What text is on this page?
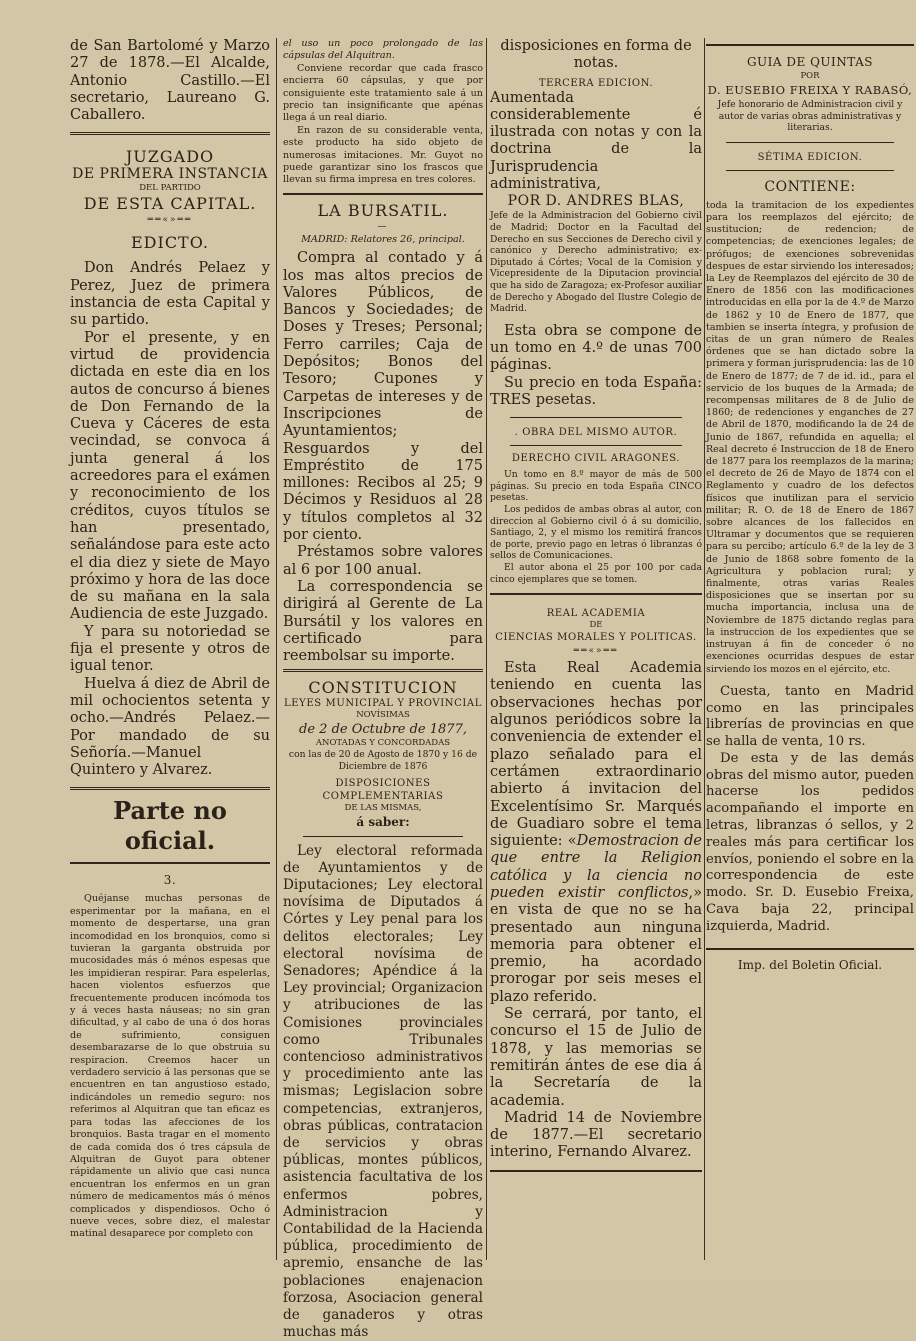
de San Bartolomé y Marzo 27 de 1878.—El Alcalde, Antonio Castillo.—El secretario, Laureano G. Caballero.

JUZGADO
DE PRIMERA INSTANCIA
DEL PARTIDO
DE ESTA CAPITAL.
══«»══
EDICTO.

Don Andrés Pelaez y Perez, Juez de primera instancia de esta Capital y su partido.

Por el presente, y en virtud de providencia dictada en este dia en los autos de concurso á bienes de Don Fernando de la Cueva y Cáceres de esta vecindad, se convoca á junta general á los acreedores para el exámen y reconocimiento de los créditos, cuyos títulos se han presentado, señalándose para este acto el dia diez y siete de Mayo próximo y hora de las doce de su mañana en la sala Audiencia de este Juzgado.

Y para su notoriedad se fija el presente y otros de igual tenor.

Huelva á diez de Abril de mil ochocientos setenta y ocho.—Andrés Pelaez.—Por mandado de su Señoría.—Manuel Quintero y Alvarez.

Parte no oficial.
3.

Quéjanse muchas personas de esperimentar por la mañana, en el momento de despertarse, una gran incomodidad en los bronquios, como si tuvieran la garganta obstruida por mucosidades más ó ménos espesas que les impidieran respirar. Para espelerlas, hacen violentos esfuerzos que frecuentemente producen incómoda tos y á veces hasta náuseas; no sin gran dificultad, y al cabo de una ó dos horas de sufrimiento, consiguen desembarazarse de lo que obstruia su respiracion. Creemos hacer un verdadero servicio á las personas que se encuentren en tan angustioso estado, indicándoles un remedio seguro: nos referimos al Alquitran que tan eficaz es para todas las afecciones de los bronquios. Basta tragar en el momento de cada comida dos ó tres cápsula de Alquitran de Guyot para obtener rápidamente un alivio que casi nunca encuentran los enfermos en un gran número de medicamentos más ó ménos complicados y dispendiosos. Ocho ó nueve veces, sobre diez, el malestar matinal desaparece por completo con

el uso un poco prolongado de las cápsulas del Alquitran.

Conviene recordar que cada frasco encierra 60 cápsulas, y que por consiguiente este tratamiento sale á un precio tan insignificante que apénas llega á un real diario.

En razon de su considerable venta, este producto ha sido objeto de numerosas imitaciones. Mr. Guyot no puede garantizar sino los frascos que llevan su firma impresa en tres colores.

LA BURSATIL.
—
MADRID: Relatores 26, principal.

Compra al contado y á los mas altos precios de Valores Públicos, de Bancos y Sociedades; de Doses y Treses; Personal; Ferro carriles; Caja de Depósitos; Bonos del Tesoro; Cupones y Carpetas de intereses y de Inscripciones de Ayuntamientos; Resguardos y del Empréstito de 175 millones: Recibos al 25; 9 Décimos y Residuos al 28 y títulos completos al 32 por ciento.

Préstamos sobre valores al 6 por 100 anual.

La correspondencia se dirigirá al Gerente de La Bursátil y los valores en certificado para reembolsar su importe.

CONSTITUCION
LEYES MUNICIPAL Y PROVINCIAL
NOVÍSIMAS
de 2 de Octubre de 1877,
ANOTADAS Y CONCORDADAS
con las de 20 de Agosto de 1870 y 16 de Diciembre de 1876
DISPOSICIONES COMPLEMENTARIAS
DE LAS MISMAS,
á saber:

Ley electoral reformada de Ayuntamientos y de Diputaciones; Ley electoral novísima de Diputados á Córtes y Ley penal para los delitos electorales; Ley electoral novísima de Senadores; Apéndice á la Ley provincial; Organizacion y atribuciones de las Comisiones provinciales como Tribunales contencioso administrativos y procedimiento ante las mismas; Legislacion sobre competencias, extranjeros, obras públicas, contratacion de servicios y obras públicas, montes públicos, asistencia facultativa de los enfermos pobres, Administracion y Contabilidad de la Hacienda pública, procedimiento de apremio, ensanche de las poblaciones enajenacion forzosa, Asociacion general de ganaderos y otras muchas más

disposiciones en forma de notas.

TERCERA EDICION.

Aumentada considerablemente é ilustrada con notas y con la doctrina de la Jurisprudencia administrativa,

POR D. ANDRES BLAS,

Jefe de la Administracion del Gobierno civil de Madrid; Doctor en la Facultad del Derecho en sus Secciones de Derecho civil y canónico y Derecho administrativo; ex-Diputado á Córtes; Vocal de la Comision y Vicepresidente de la Diputacion provincial que ha sido de Zaragoza; ex-Profesor auxiliar de Derecho y Abogado del Ilustre Colegio de Madrid.

Esta obra se compone de un tomo en 4.º de unas 700 páginas.

Su precio en toda España: TRES pesetas.

. OBRA DEL MISMO AUTOR.
DERECHO CIVIL ARAGONES.

Un tomo en 8.º mayor de más de 500 páginas. Su precio en toda España CINCO pesetas.

Los pedidos de ambas obras al autor, con direccion al Gobierno civil ó á su domicilio, Santiago, 2, y el mismo los remitirá francos de porte, previo pago en letras ó libranzas ó sellos de Comunicaciones.

El autor abona el 25 por 100 por cada cinco ejemplares que se tomen.

REAL ACADEMIA
DE
CIENCIAS MORALES Y POLITICAS.
══«»══

Esta Real Academia teniendo en cuenta las observaciones hechas por algunos periódicos sobre la conveniencia de extender el plazo señalado para el certámen extraordinario abierto á invitacion del Excelentísimo Sr. Marqués de Guadiaro sobre el tema siguiente: «Demostracion de que entre la Religion católica y la ciencia no pueden existir conflictos,» en vista de que no se ha presentado aun ninguna memoria para obtener el premio, ha acordado prorogar por seis meses el plazo referido.

Se cerrará, por tanto, el concurso el 15 de Julio de 1878, y las memorias se remitirán ántes de ese dia á la Secretaría de la academia.

Madrid 14 de Noviembre de 1877.—El secretario interino, Fernando Alvarez.

GUIA DE QUINTAS
POR
D. EUSEBIO FREIXA Y RABASÓ,

Jefe honorario de Administracion civil y autor de varias obras administrativas y literarias.

SÉTIMA EDICION.
CONTIENE:

toda la tramitacion de los expedientes para los reemplazos del ejército; de sustitucion; de redencion; de competencias; de exenciones legales; de prófugos; de exenciones sobrevenidas despues de estar sirviendo los interesados; la Ley de Reemplazos del ejército de 30 de Enero de 1856 con las modificaciones introducidas en ella por la de 4.º de Marzo de 1862 y 10 de Enero de 1877, que tambien se inserta íntegra, y profusion de citas de un gran número de Reales órdenes que se han dictado sobre la primera y forman jurisprudencia: las de 10 de Enero de 1877; de 7 de id. id., para el servicio de los buques de la Armada; de recompensas militares de 8 de Julio de 1860; de redenciones y enganches de 27 de Abril de 1870, modificando la de 24 de Junio de 1867, refundida en aquella; el Real decreto é Instruccion de 18 de Enero de 1877 para los reemplazos de la marina; el decreto de 26 de Mayo de 1874 con el Reglamento y cuadro de los defectos físicos que inutilizan para el servicio militar; R. O. de 18 de Enero de 1867 sobre alcances de los fallecidos en Ultramar y documentos que se requieren para su percibo; artículo 6.º de la ley de 3 de Junio de 1868 sobre fomento de la Agricultura y poblacion rural; y finalmente, otras varias Reales disposiciones que se insertan por su mucha importancia, inclusa una de Noviembre de 1875 dictando reglas para la instruccion de los expedientes que se instruyan á fin de conceder ó no exenciones ocurridas despues de estar sirviendo los mozos en el ejército, etc.

Cuesta, tanto en Madrid como en las principales librerías de provincias en que se halla de venta, 10 rs.

De esta y de las demás obras del mismo autor, pueden hacerse los pedidos acompañando el importe en letras, libranzas ó sellos, y 2 reales más para certificar los envíos, poniendo el sobre en la correspondencia de este modo. Sr. D. Eusebio Freixa, Cava baja 22, principal izquierda, Madrid.

Imp. del Boletin Oficial.
